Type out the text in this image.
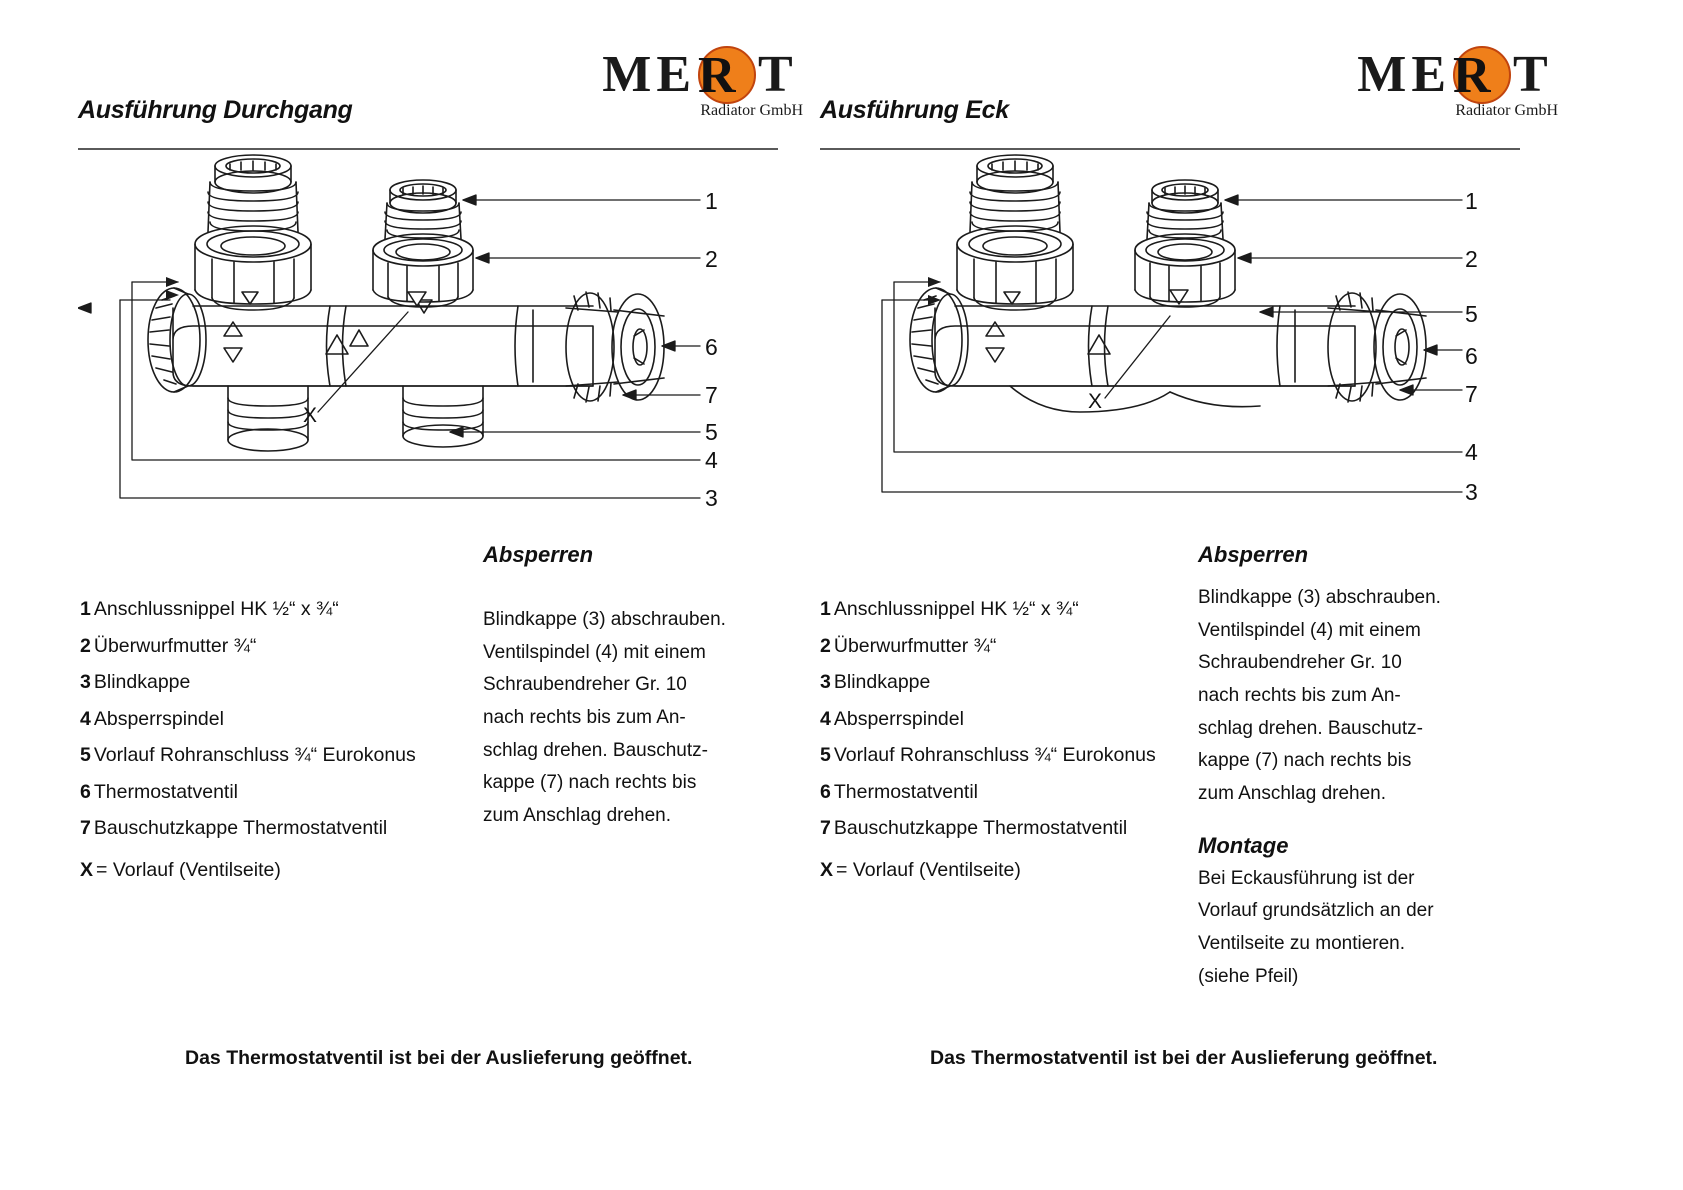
Ausführung Durchgang
M E R T
Radiator GmbH
X
1
2
6
7
5
4
3
1 Anschlussnippel HK ½“ x ¾“
2 Überwurfmutter ¾“
3 Blindkappe
4 Absperrspindel
5 Vorlauf Rohranschluss ¾“ Eurokonus
6 Thermostatventil
7 Bauschutzkappe Thermostatventil
X = Vorlauf (Ventilseite)
Absperren
Blindkappe (3) abschrauben.
Ventilspindel (4) mit einem
Schraubendreher Gr. 10
nach rechts bis zum An-
schlag drehen. Bauschutz-
kappe (7) nach rechts bis
zum Anschlag drehen.
Das Thermostatventil ist bei der Auslieferung geöffnet.
Ausführung Eck
M E R T
Radiator GmbH
X
1
2
5
6
7
4
3
1 Anschlussnippel HK ½“ x ¾“
2 Überwurfmutter ¾“
3 Blindkappe
4 Absperrspindel
5 Vorlauf Rohranschluss ¾“ Eurokonus
6 Thermostatventil
7 Bauschutzkappe Thermostatventil
X = Vorlauf (Ventilseite)
Absperren
Blindkappe (3) abschrauben.
Ventilspindel (4) mit einem
Schraubendreher Gr. 10
nach rechts bis zum An-
schlag drehen. Bauschutz-
kappe (7) nach rechts bis
zum Anschlag drehen.
Montage
Bei Eckausführung ist der
Vorlauf grundsätzlich an der
Ventilseite zu montieren.
(siehe Pfeil)
Das Thermostatventil ist bei der Auslieferung geöffnet.
